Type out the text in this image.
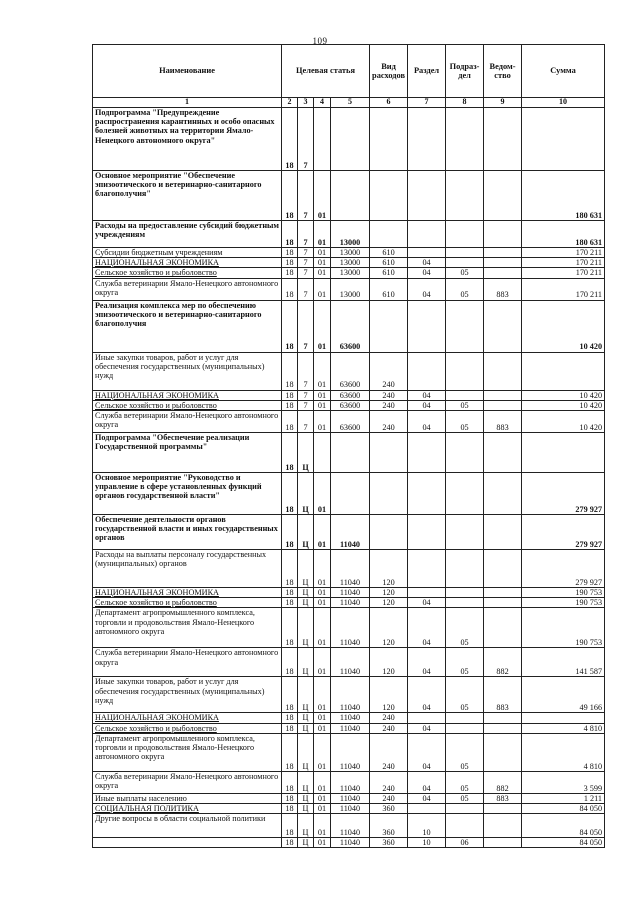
109
Наименование	Целевая статья				Вид расходов	Раздел	Подраз-дел	Ведом-ство	Сумма
1	2	3	4	5	6	7	8	9	10
Подпрограмма "Предупреждение распространения карантинных и особо опасных болезней животных на территории Ямало-Ненецкого автономного округа"	18	7							
Основное мероприятие "Обеспечение эпизоотического и ветеринарно-санитарного благополучия"	18	7	01						180 631
Расходы на предоставление субсидий бюджетным учреждениям	18	7	01	13000					180 631
Субсидии бюджетным учреждениям	18	7	01	13000	610				170 211
НАЦИОНАЛЬНАЯ ЭКОНОМИКА	18	7	01	13000	610	04			170 211
Сельское хозяйство и рыболовство	18	7	01	13000	610	04	05		170 211
Служба ветеринарии Ямало-Ненецкого автономного округа	18	7	01	13000	610	04	05	883	170 211
Реализация комплекса мер по обеспечению эпизоотического и ветеринарно-санитарного благополучия	18	7	01	63600					10 420
Иные закупки товаров, работ и услуг для обеспечения государственных (муниципальных) нужд	18	7	01	63600	240				
НАЦИОНАЛЬНАЯ ЭКОНОМИКА	18	7	01	63600	240	04			10 420
Сельское хозяйство и рыболовство	18	7	01	63600	240	04	05		10 420
Служба ветеринарии Ямало-Ненецкого автономного округа	18	7	01	63600	240	04	05	883	10 420
Подпрограмма "Обеспечение реализации Государственной программы"	18	Ц							
Основное мероприятие "Руководство и управление в сфере установленных функций органов государственной власти"	18	Ц	01						279 927
Обеспечение деятельности органов государственной власти и иных государственных органов	18	Ц	01	11040					279 927
Расходы на выплаты персоналу государственных (муниципальных) органов	18	Ц	01	11040	120				279 927
НАЦИОНАЛЬНАЯ ЭКОНОМИКА	18	Ц	01	11040	120				190 753
Сельское хозяйство и рыболовство	18	Ц	01	11040	120	04			190 753
Департамент агропромышленного комплекса, торговли и продовольствия Ямало-Ненецкого автономного округа	18	Ц	01	11040	120	04	05		190 753
Служба ветеринарии Ямало-Ненецкого автономного округа	18	Ц	01	11040	120	04	05	882	141 587
Иные закупки товаров, работ и услуг для обеспечения государственных (муниципальных) нужд	18	Ц	01	11040	120	04	05	883	49 166
НАЦИОНАЛЬНАЯ ЭКОНОМИКА	18	Ц	01	11040	240				
Сельское хозяйство и рыболовство	18	Ц	01	11040	240	04			4 810
Департамент агропромышленного комплекса, торговли и продовольствия Ямало-Ненецкого автономного округа	18	Ц	01	11040	240	04	05		4 810
Служба ветеринарии Ямало-Ненецкого автономного округа	18	Ц	01	11040	240	04	05	882	3 599
Иные выплаты населению	18	Ц	01	11040	240	04	05	883	1 211
СОЦИАЛЬНАЯ ПОЛИТИКА	18	Ц	01	11040	360				84 050
Другие вопросы в области социальной политики	18	Ц	01	11040	360	10			84 050
	18	Ц	01	11040	360	10	06		84 050
